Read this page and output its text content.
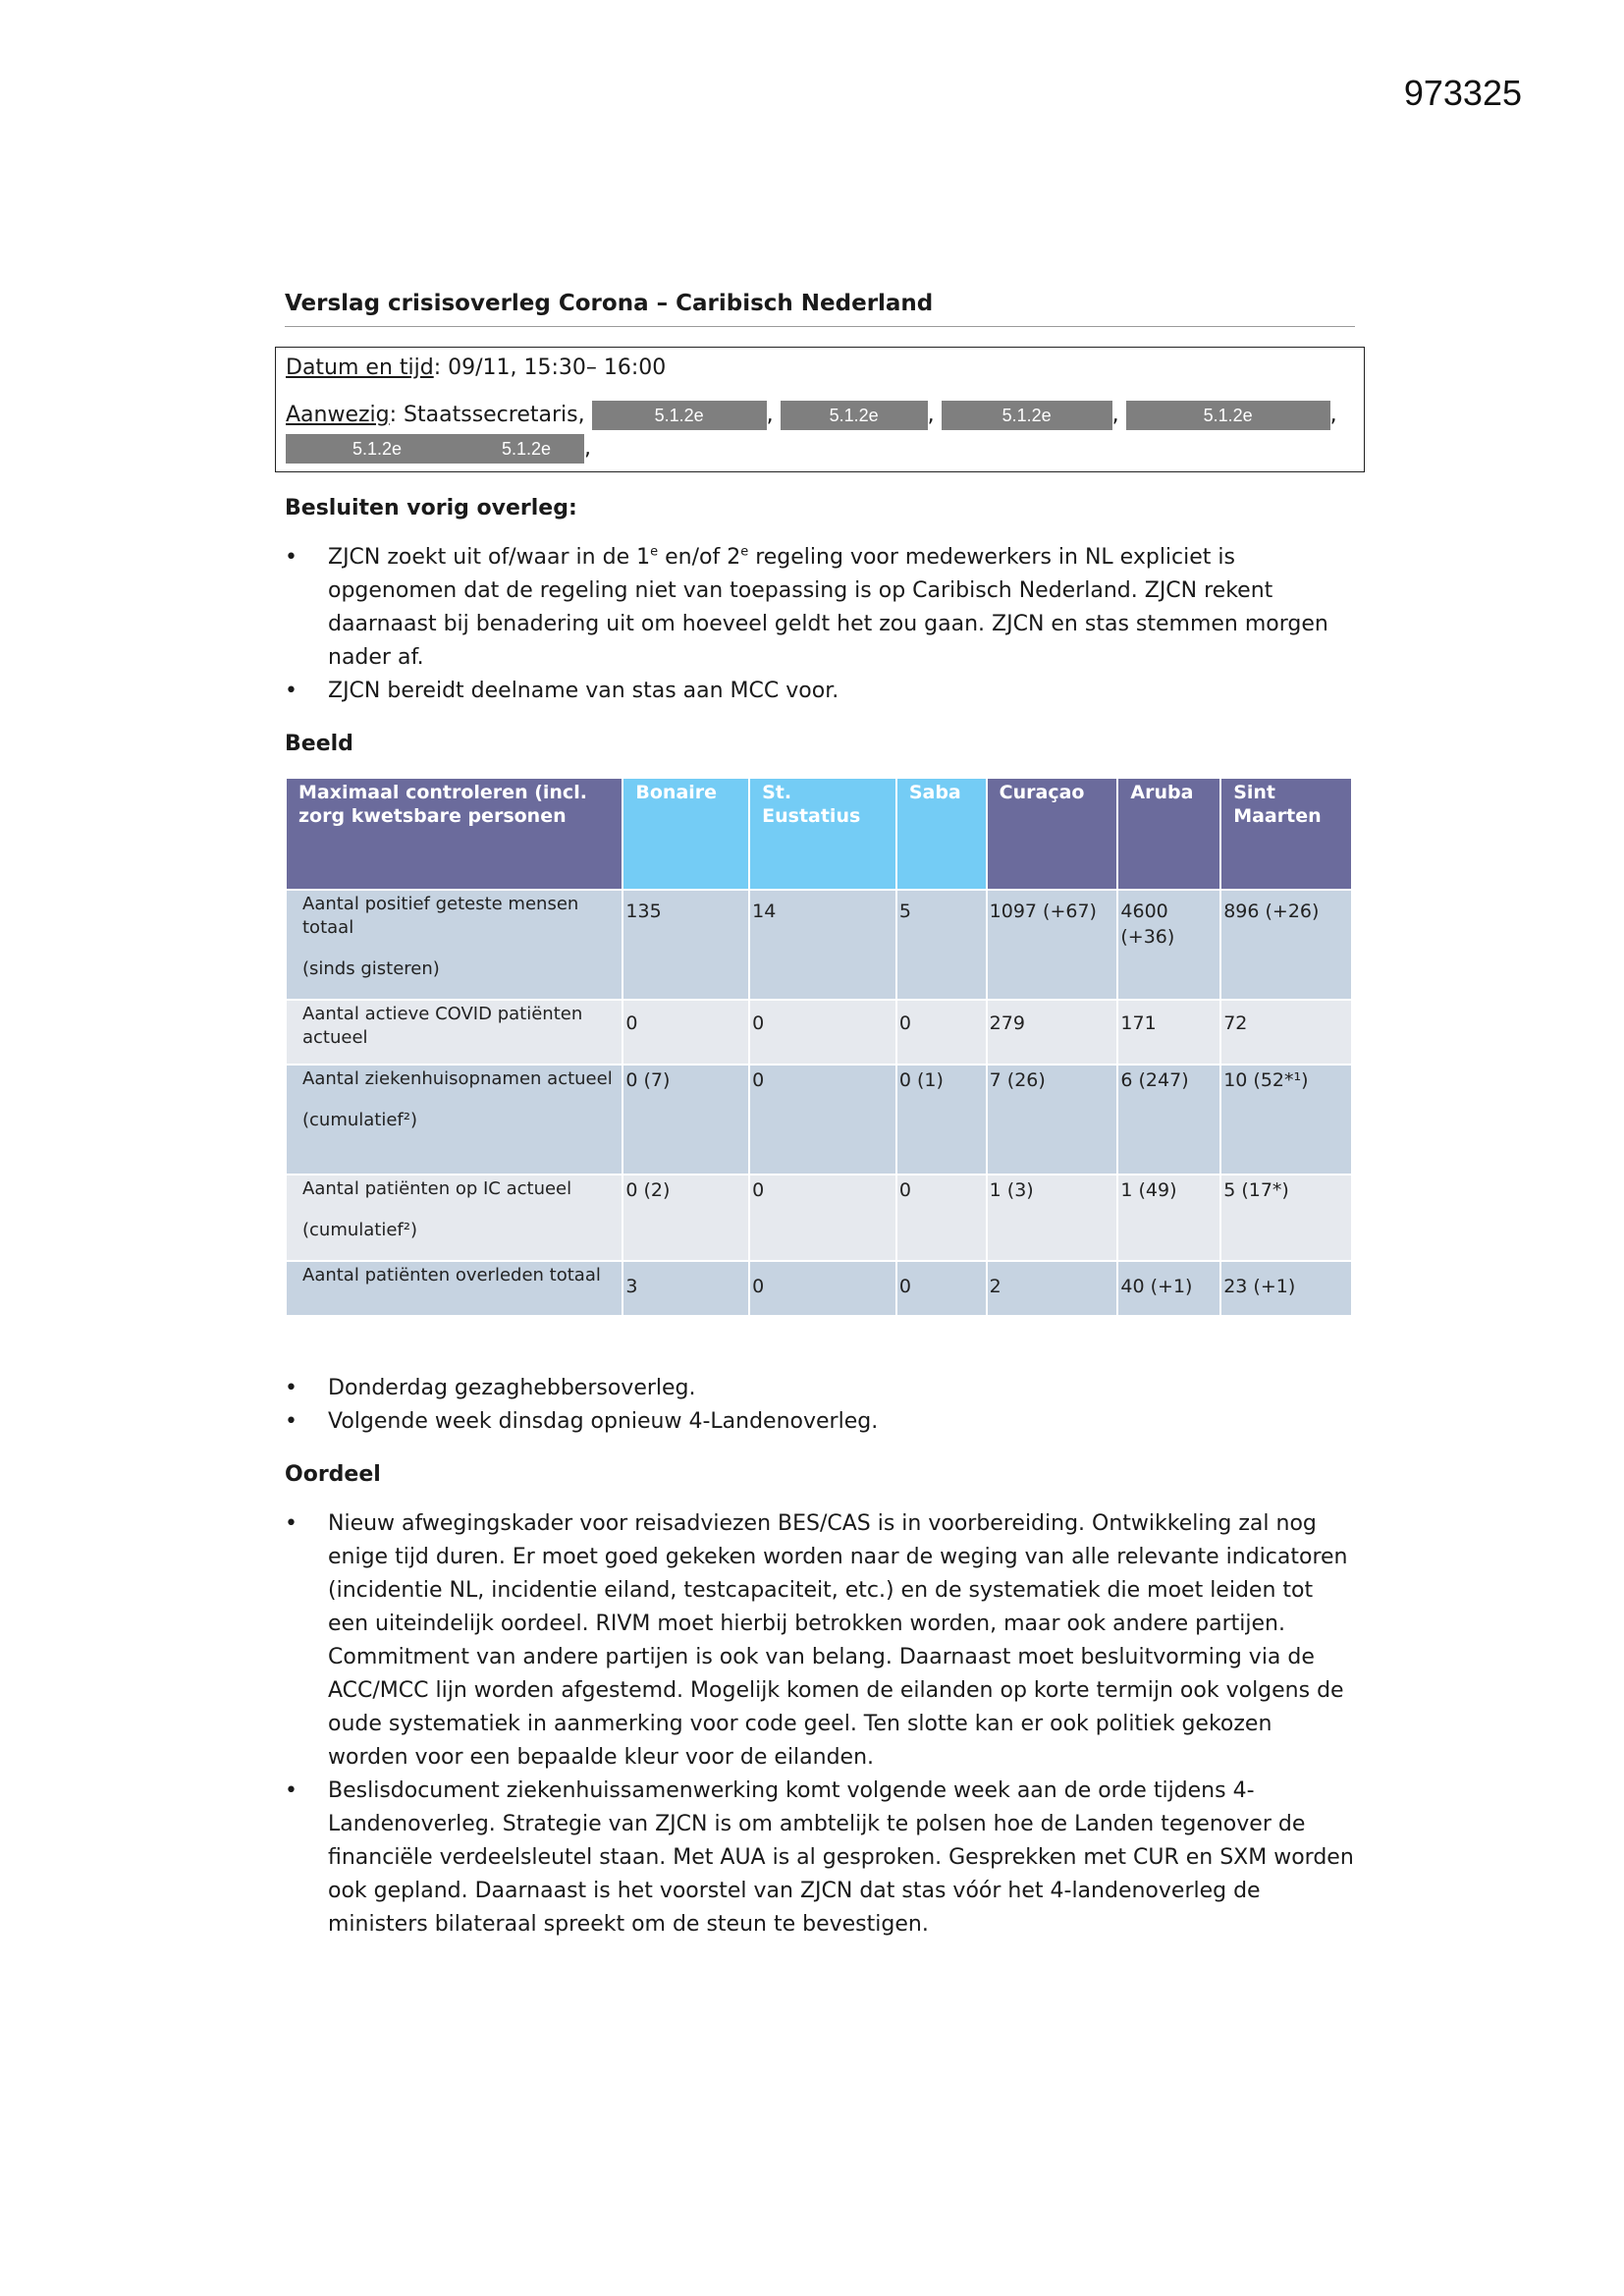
973325
Verslag crisisoverleg Corona – Caribisch Nederland
Datum en tijd: 09/11, 15:30– 16:00
Aanwezig: Staatssecretaris,	5.1.2e	,	5.1.2e ,	5.1.2e	,	5.1.2e	,
5.1.2e	5.1.2e ,
Besluiten vorig overleg:
• ZJCN zoekt uit of/waar in de 1e en/of 2e regeling voor medewerkers in NL expliciet is opgenomen dat de regeling niet van toepassing is op Caribisch Nederland. ZJCN rekent daarnaast bij benadering uit om hoeveel geldt het zou gaan. ZJCN en stas stemmen morgen nader af.
• ZJCN bereidt deelname van stas aan MCC voor.
Beeld
Maximaal controleren (incl. zorg kwetsbare personen	Bonaire	St. Eustatius	Saba	Curaçao	Aruba	Sint Maarten

Aantal positief geteste mensen totaal
(sinds gisteren)	135	14	5	1097 (+67)	4600 (+36)	896 (+26)

Aantal actieve COVID patiënten actueel	0	0	0	279	171	72

Aantal ziekenhuisopnamen actueel
(cumulatief²)	0 (7)	0	0 (1)	7 (26)	6 (247)	10 (52*¹)

Aantal patiënten op IC actueel
(cumulatief²)	0 (2)	0	0	1 (3)	1 (49)	5 (17*)

Aantal patiënten overleden totaal	3	0	0	2	40 (+1)	23 (+1)
• Donderdag gezaghebbersoverleg.
• Volgende week dinsdag opnieuw 4-Landenoverleg.
Oordeel
• Nieuw afwegingskader voor reisadviezen BES/CAS is in voorbereiding. Ontwikkeling zal nog enige tijd duren. Er moet goed gekeken worden naar de weging van alle relevante indicatoren (incidentie NL, incidentie eiland, testcapaciteit, etc.) en de systematiek die moet leiden tot een uiteindelijk oordeel. RIVM moet hierbij betrokken worden, maar ook andere partijen. Commitment van andere partijen is ook van belang. Daarnaast moet besluitvorming via de ACC/MCC lijn worden afgestemd. Mogelijk komen de eilanden op korte termijn ook volgens de oude systematiek in aanmerking voor code geel. Ten slotte kan er ook politiek gekozen worden voor een bepaalde kleur voor de eilanden.
• Beslisdocument ziekenhuissamenwerking komt volgende week aan de orde tijdens 4-Landenoverleg. Strategie van ZJCN is om ambtelijk te polsen hoe de Landen tegenover de financiële verdeelsleutel staan. Met AUA is al gesproken. Gesprekken met CUR en SXM worden ook gepland. Daarnaast is het voorstel van ZJCN dat stas vóór het 4-landenoverleg de ministers bilateraal spreekt om de steun te bevestigen.
